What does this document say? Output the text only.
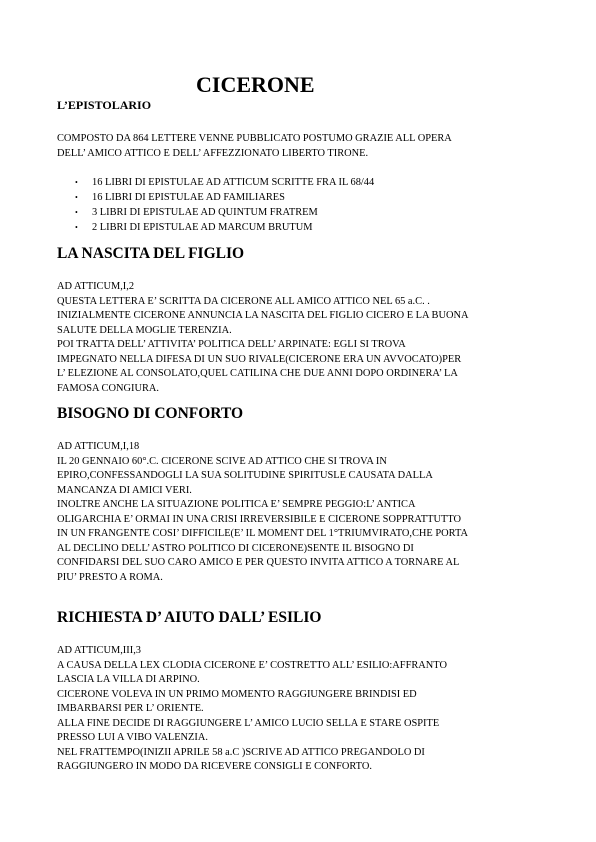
CICERONE
L’EPISTOLARIO
COMPOSTO DA 864 LETTERE VENNE PUBBLICATO POSTUMO GRAZIE ALL OPERA
DELL’ AMICO ATTICO E DELL’ AFFEZZIONATO LIBERTO TIRONE.
• 16 LIBRI DI EPISTULAE AD ATTICUM SCRITTE FRA IL 68/44
• 16 LIBRI DI EPISTULAE AD FAMILIARES
• 3 LIBRI DI EPISTULAE AD QUINTUM FRATREM
• 2 LIBRI DI EPISTULAE AD MARCUM BRUTUM
LA NASCITA DEL FIGLIO
AD ATTICUM,I,2
QUESTA LETTERA E’ SCRITTA DA CICERONE ALL AMICO ATTICO NEL 65 a.C. .
INIZIALMENTE CICERONE ANNUNCIA LA NASCITA DEL FIGLIO CICERO E LA BUONA
SALUTE DELLA MOGLIE TERENZIA.
POI TRATTA DELL’ ATTIVITA’ POLITICA DELL’ ARPINATE: EGLI SI TROVA
IMPEGNATO NELLA DIFESA DI UN SUO RIVALE(CICERONE ERA UN AVVOCATO)PER
L’ ELEZIONE AL CONSOLATO,QUEL CATILINA CHE DUE ANNI DOPO ORDINERA’ LA
FAMOSA CONGIURA.
BISOGNO DI CONFORTO
AD ATTICUM,I,18
IL 20 GENNAIO 60°.C. CICERONE SCIVE AD ATTICO CHE SI TROVA IN
EPIRO,CONFESSANDOGLI LA SUA SOLITUDINE SPIRITUSLE CAUSATA DALLA
MANCANZA DI AMICI VERI.
INOLTRE ANCHE LA SITUAZIONE POLITICA E’ SEMPRE PEGGIO:L’ ANTICA
OLIGARCHIA E’ ORMAI IN UNA CRISI IRREVERSIBILE E CICERONE SOPPRATTUTTO
IN UN FRANGENTE COSI’ DIFFICILE(E’ IL MOMENT DEL 1°TRIUMVIRATO,CHE PORTA
AL DECLINO DELL’ ASTRO POLITICO DI CICERONE)SENTE IL BISOGNO DI
CONFIDARSI DEL SUO CARO AMICO E PER QUESTO INVITA ATTICO A TORNARE AL
PIU’ PRESTO A ROMA.
RICHIESTA D’ AIUTO DALL’ ESILIO
AD ATTICUM,III,3
A CAUSA DELLA LEX CLODIA CICERONE E’ COSTRETTO ALL’ ESILIO:AFFRANTO
LASCIA LA VILLA DI ARPINO.
CICERONE VOLEVA IN UN PRIMO MOMENTO RAGGIUNGERE BRINDISI ED
IMBARBARSI PER L’ ORIENTE.
ALLA FINE DECIDE DI RAGGIUNGERE L’ AMICO LUCIO SELLA E STARE OSPITE
PRESSO LUI A VIBO VALENZIA.
NEL FRATTEMPO(INIZII APRILE 58 a.C )SCRIVE AD ATTICO PREGANDOLO DI
RAGGIUNGERO IN MODO DA RICEVERE CONSIGLI E CONFORTO.
